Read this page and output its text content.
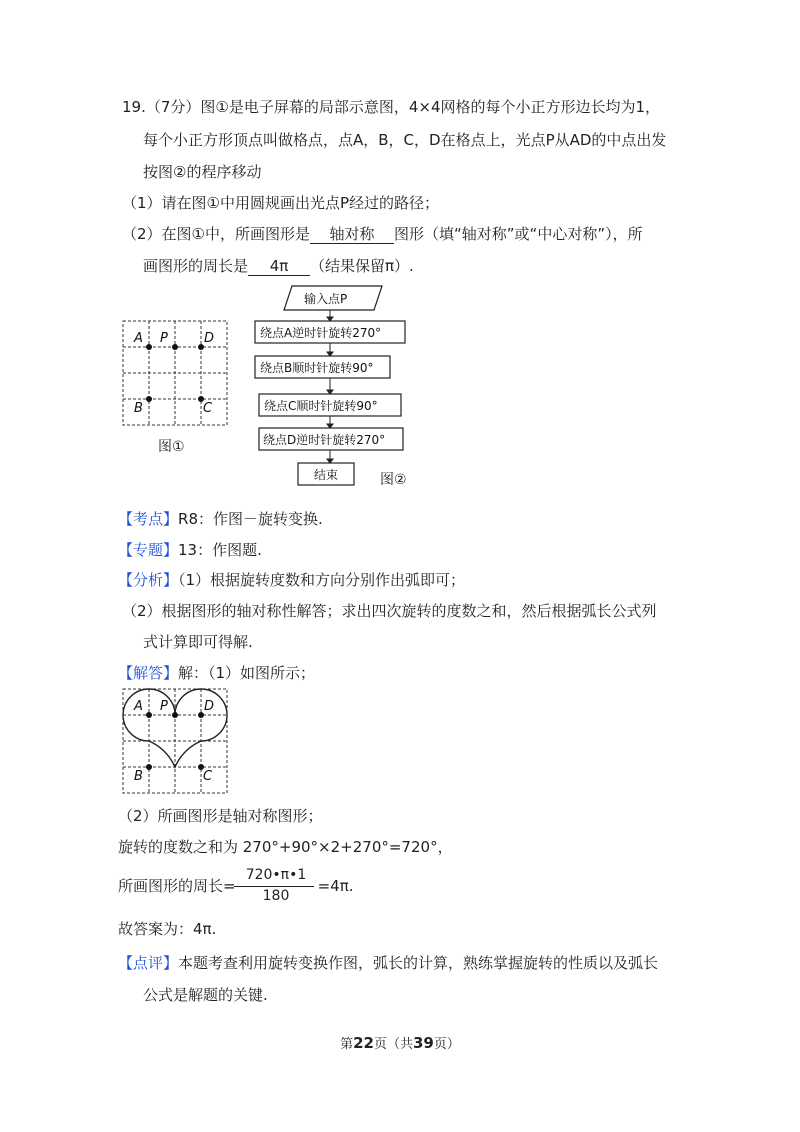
19.（7分）图①是电子屏幕的局部示意图，4×4网格的每个小正方形边长均为1，
每个小正方形顶点叫做格点，点A，B，C，D在格点上，光点P从AD的中点出发
按图②的程序移动
（1）请在图①中用圆规画出光点P经过的路径；
（2）在图①中，所画图形是 轴对称 图形（填“轴对称”或“中心对称”），所
画图形的周长是 4π （结果保留π）.
A P	D
B	C
图①
输入点P
绕点A逆时针旋转270°
绕点B顺时针旋转90°
绕点C顺时针旋转90°
绕点D逆时针旋转270°
结束	图②
【考点】R8：作图－旋转变换.
【专题】13：作图题.
【分析】（1）根据旋转度数和方向分别作出弧即可；
（2）根据图形的轴对称性解答；求出四次旋转的度数之和，然后根据弧长公式列
式计算即可得解.
【解答】解：（1）如图所示；
A P	D
B	C
（2）所画图形是轴对称图形；
旋转的度数之和为 270°+90°×2+270°=720°，
所画图形的周长=	=4π.
720•π•1
180
故答案为：4π.
【点评】本题考查利用旋转变换作图，弧长的计算，熟练掌握旋转的性质以及弧长
公式是解题的关键.
第22页（共39页）
